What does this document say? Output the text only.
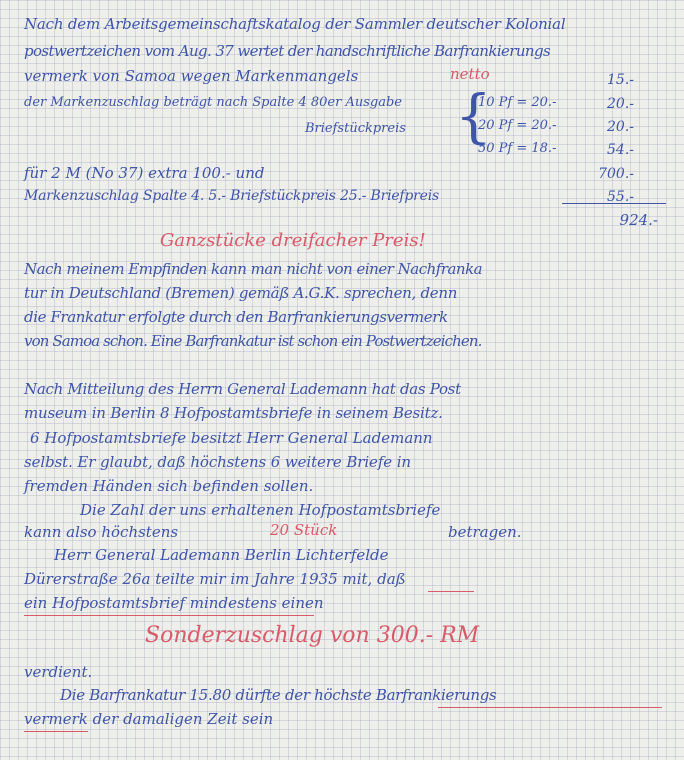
Nach dem Arbeitsgemeinschaftskatalog der Sammler deutscher Kolonial

postwertzeichen vom Aug. 37 wertet der handschriftliche Barfrankierungs

vermerk von Samoa wegen Markenmangels	netto	15.-

der Markenzuschlag beträgt nach Spalte 4 80er Ausgabe	10 Pf = 20.-	20.-

{

Briefstückpreis	20 Pf = 20.-	20.-

50 Pf = 18.-	54.-

für 2 M (No 37) extra 100.- und	700.-

Markenzuschlag Spalte 4. 5.- Briefstückpreis 25.- Briefpreis	55.-

924.-

Ganzstücke dreifacher Preis!

Nach meinem Empfinden kann man nicht von einer Nachfranka

tur in Deutschland (Bremen) gemäß A.G.K. sprechen, denn

die Frankatur erfolgte durch den Barfrankierungsvermerk

von Samoa schon. Eine Barfrankatur ist schon ein Postwertzeichen.

Nach Mitteilung des Herrn General Lademann hat das Post

museum in Berlin 8 Hofpostamtsbriefe in seinem Besitz.

6 Hofpostamtsbriefe besitzt Herr General Lademann

selbst. Er glaubt, daß höchstens 6 weitere Briefe in

fremden Händen sich befinden sollen.

Die Zahl der uns erhaltenen Hofpostamtsbriefe

kann also höchstens	20 Stück	betragen.

Herr General Lademann Berlin Lichterfelde

Dürerstraße 26a teilte mir im Jahre 1935 mit, daß

ein Hofpostamtsbrief mindestens einen

Sonderzuschlag von 300.- RM

verdient.

Die Barfrankatur 15.80 dürfte der höchste Barfrankierungs

vermerk der damaligen Zeit sein
